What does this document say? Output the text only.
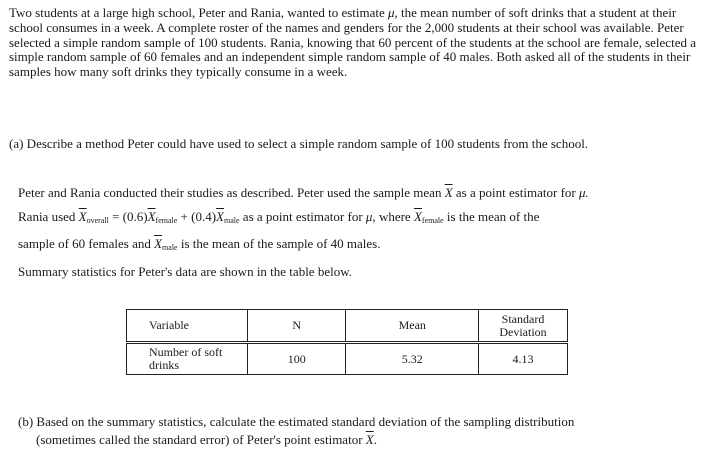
Two students at a large high school, Peter and Rania, wanted to estimate μ, the mean number of soft drinks that a student at their school consumes in a week. A complete roster of the names and genders for the 2,000 students at their school was available. Peter selected a simple random sample of 100 students. Rania, knowing that 60 percent of the students at the school are female, selected a simple random sample of 60 females and an independent simple random sample of 40 males. Both asked all of the students in their samples how many soft drinks they typically consume in a week.

(a) Describe a method Peter could have used to select a simple random sample of 100 students from the school.

Peter and Rania conducted their studies as described. Peter used the sample mean $\overline{X}$ as a point estimator for μ.
Rania used $\overline{X}_{overall} = (0.6)\overline{X}_{female} + (0.4)\overline{X}_{male}$ as a point estimator for μ, where $\overline{X}_{female}$ is the mean of the
sample of 60 females and $\overline{X}_{male}$ is the mean of the sample of 40 males.
Summary statistics for Peter's data are shown in the table below.

Variable	N	Mean	Standard Deviation
Number of soft drinks	100	5.32	4.13

(b) Based on the summary statistics, calculate the estimated standard deviation of the sampling distribution
(sometimes called the standard error) of Peter's point estimator $\overline{X}$.
